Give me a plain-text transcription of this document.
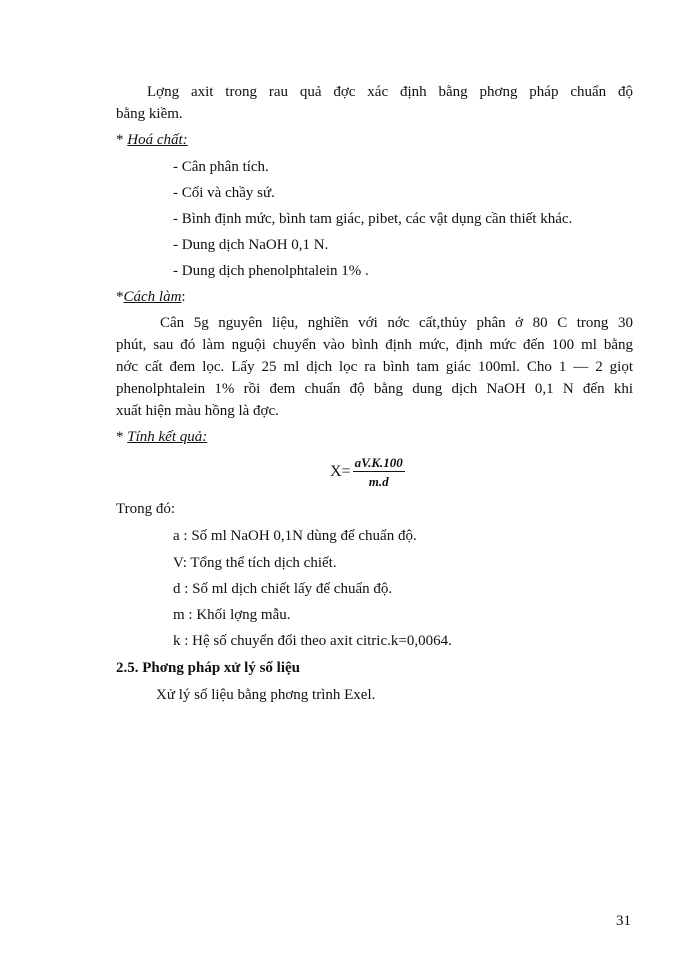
Lợng axit trong rau quả đợc xác định bằng phơng pháp chuẩn độ
bằng kiềm.
* Hoá chất:
- Cân phân tích.
- Cối và chầy sứ.
- Bình định mức, bình tam giác, pibet, các vật dụng cần thiết khác.
- Dung dịch NaOH 0,1 N.
- Dung dịch phenolphtalein 1% .
*Cách làm:
Cân 5g nguyên liệu, nghiền với nớc cất,thủy phân ở 80 C trong 30
phút, sau đó làm nguội chuyển vào bình định mức, định mức đến 100 ml bằng
nớc cất đem lọc. Lấy 25 ml dịch lọc ra bình tam giác 100ml. Cho 1 — 2 giọt
phenolphtalein 1% rồi đem chuẩn độ bằng dung dịch NaOH 0,1 N đến khi
xuất hiện màu hồng là đợc.
* Tính kết quả:
$X= \frac{aV.K.100}{m.d}$
Trong đó:
a : Số ml NaOH 0,1N dùng để chuẩn độ.
V: Tổng thể tích dịch chiết.
d : Số ml dịch chiết lấy để chuẩn độ.
m : Khối lợng mẫu.
k : Hệ số chuyển đổi theo axit citric.k=0,0064.
2.5. Phơng pháp xử lý số liệu
Xử lý số liệu bằng phơng trình Exel.
31
